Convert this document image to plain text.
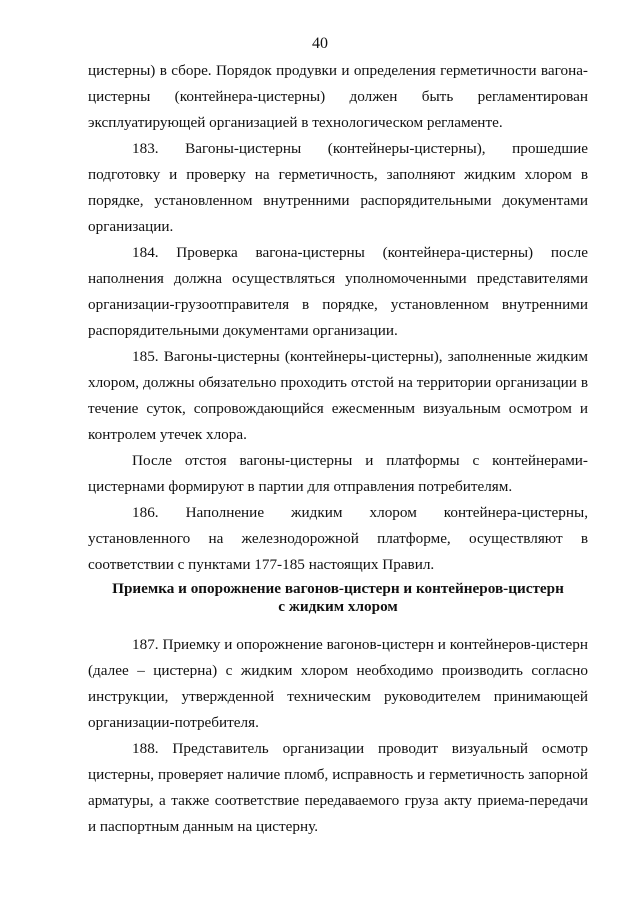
40

цистерны) в сборе. Порядок продувки и определения герметичности вагона-цистерны (контейнера-цистерны) должен быть регламентирован эксплуатирующей организацией в технологическом регламенте.

183. Вагоны-цистерны (контейнеры-цистерны), прошедшие подготовку и проверку на герметичность, заполняют жидким хлором в порядке, установленном внутренними распорядительными документами организации.

184. Проверка вагона-цистерны (контейнера-цистерны) после наполнения должна осуществляться уполномоченными представителями организации-грузоотправителя в порядке, установленном внутренними распорядительными документами организации.

185. Вагоны-цистерны (контейнеры-цистерны), заполненные жидким хлором, должны обязательно проходить отстой на территории организации в течение суток, сопровождающийся ежесменным визуальным осмотром и контролем утечек хлора.

После отстоя вагоны-цистерны и платформы с контейнерами-цистернами формируют в партии для отправления потребителям.

186. Наполнение жидким хлором контейнера-цистерны, установленного на железнодорожной платформе, осуществляют в соответствии с пунктами 177-185 настоящих Правил.

Приемка и опорожнение вагонов-цистерн и контейнеров-цистерн
с жидким хлором

187. Приемку и опорожнение вагонов-цистерн и контейнеров-цистерн (далее – цистерна) с жидким хлором необходимо производить согласно инструкции, утвержденной техническим руководителем принимающей организации-потребителя.

188. Представитель организации проводит визуальный осмотр цистерны, проверяет наличие пломб, исправность и герметичность запорной арматуры, а также соответствие передаваемого груза акту приема-передачи и паспортным данным на цистерну.
